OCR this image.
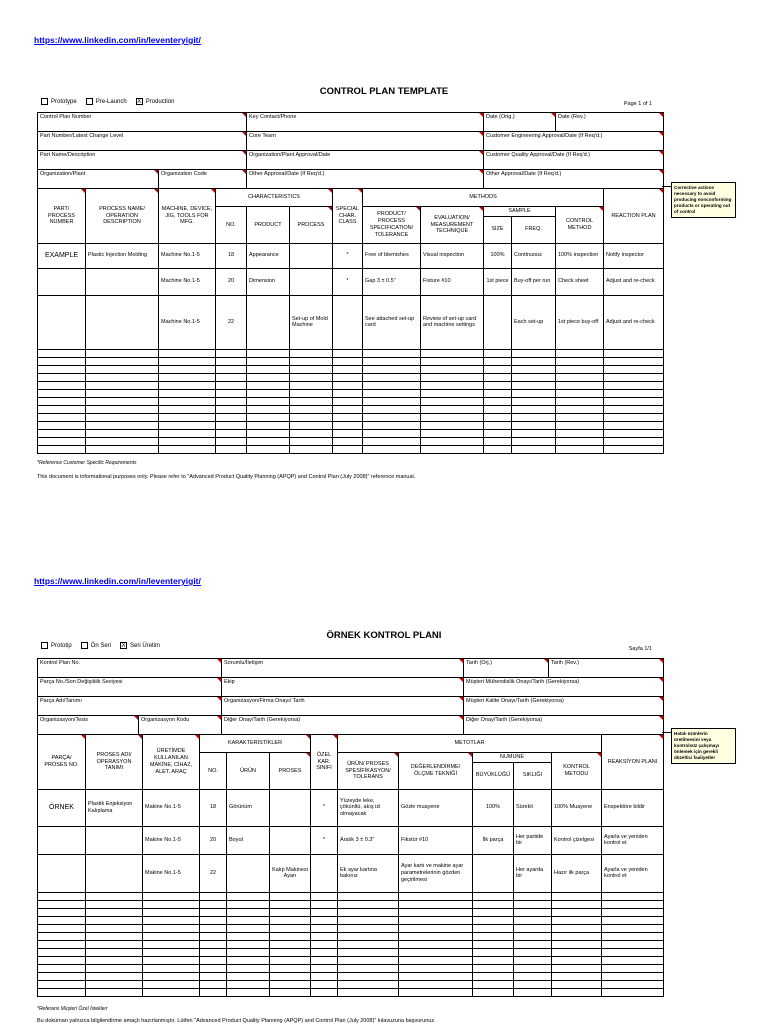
https://www.linkedin.com/in/leventeryigit/
CONTROL PLAN TEMPLATE
Prototype	Pre-Launch X Production	Page 1 of 1
Control Plan Number	Key Contact/Phone	Date (Orig.)	Date (Rev.)
Part Number/Latest Change Level	Core Team	Customer Engineering Approval/Date (If Req'd.)
Part Name/Description	Organization/Plant Approval/Date	Customer Quality Approval/Date (If Req'd.)
Organization/Plant	Organization Code	Other Approval/Date (If Req'd.)	Other Approval/Date (If Req'd.)
PART/ PROCESS NUMBER	PROCESS NAME/ OPERATION DESCRIPTION	MACHINE, DEVICE, JIG, TOOLS FOR MFG.	CHARACTERISTICS			SPECIAL CHAR. CLASS	METHODS					REACTION PLAN
			NO.	PRODUCT	PROCESS		PRODUCT/ PROCESS SPECIFICATION/ TOLERANCE	EVALUATION/ MEASUREMENT TECHNIQUE	SAMPLE		CONTROL METHOD	
									SIZE	FREQ.		
EXAMPLE	Plastic Injection Molding	Machine No.1-5	18	Appearance		*	Free of blemishes	Visual inspection	100%	Continuous	100% inspection	Notify inspector
		Machine No.1-5	20	Dimension		*	Gap 3 ± 0.5"	Fixture #10	1st piece	Buy-off per run	Check sheet	Adjust and re-check
		Machine No.1-5	22		Set-up of Mold Machine		See attached set-up card	Review of set-up card and machine settings		Each set-up	1st piece buy-off	Adjust and re-check

Corrective actions necessary to avoid producing nonconforming products or operating out of control
*Reference Customer Specific Requirements
This document is informational purposes only. Please refer to "Advanced Product Quality Planning (APQP) and Control Plan (July 2008)" reference manual.
https://www.linkedin.com/in/leventeryigit/
ÖRNEK KONTROL PLANI
Prototip	Ön Seri X Seri Üretim
Sayfa 1/1
Kontrol Plan No.	Sorumlu/İletişim	Tarih (Orj.)	Tarih (Rev.)
Parça No./Son Değişiklik Seviyesi	Ekip	Müşteri Mühendislik Onayı/Tarih (Gerekiyorsa)
Parça Adı/Tanımı	Organizasyon/Firma Onayı/ Tarih	Müşteri Kalite Onayı/Tarih (Gerekiyorsa)
Organizasyon/Tesis	Organizasyon Kodu	Diğer Onay/Tarih (Gerekiyorsa)	Diğer Onay/Tarih (Gerekiyorsa)
PARÇA/ PROSES NO.	PROSES ADI/ OPERASYON TANIMI	ÜRETİMDE KULLANILAN MAKİNE, CİHAZ, ALET, ARAÇ	KARAKTERİSTİKLER			ÖZEL KAR. SINIFI	METOTLAR					REAKSİYON PLANI
			NO.	ÜRÜN	PROSES		ÜRÜN/ PROSES SPESİFİKASYON/ TOLERANS	DEĞERLENDİRME/ ÖLÇME TEKNİĞİ	NUMUNE		KONTROL METODU	
									BÜYÜKLÜĞÜ	SIKLIĞI		
ÖRNEK	Plastik Enjeksiyon Kalıplama	Makine No.1-5	18	Görünüm		*	Yüzeyde leke, çökünltü, akış izi olmayacak	Gözle muayene	100%	Sürekli	100% Muayene	Enspektöre bildir
		Makine No.1-5	20	Boyut		*	Aralık 3 ± 0.3"	Fikstür #10	İlk parça	Her partide bir	Kontrol çizelgesi	Ayarla ve yeniden kontrol et
		Makine No.1-5	22		Kalıp Makinesi Ayarı		Ek ayar kartına bakınız	Ayar kartı ve makine ayar parametrelerinin gözden geçirilmesi		Her ayarda bir	Hazır ilk parça	Ayarla ve yeniden kontrol et

Hatalı ürünlerin üretilmesini veya kontrolsüz çalışmayı önlemek için gerekli düzeltici faaliyetler
*Referans Müşteri Özel İstekleri
Bu doküman yalnızca bilgilendirme amaçlı hazırlanmıştır. Lütfen "Advanced Product Quality Planning (APQP) and Control Plan (July 2008)" kılavuzuna başvurunuz.
